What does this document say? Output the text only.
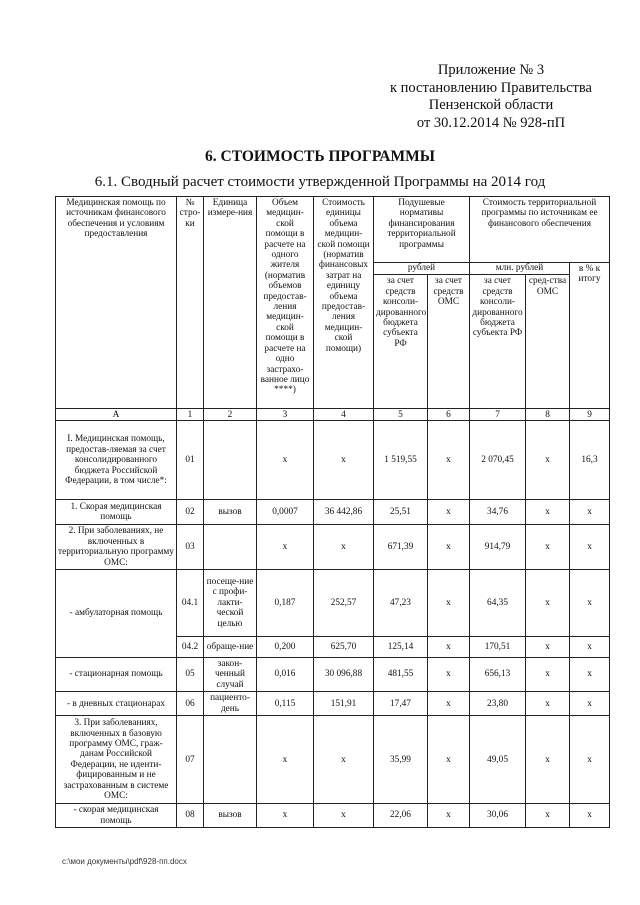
Приложение № 3
к постановлению Правительства
Пензенской области
от 30.12.2014 № 928-пП
6. СТОИМОСТЬ ПРОГРАММЫ
6.1. Сводный расчет стоимости утвержденной Программы на 2014 год
Медицинская помощь по источникам финансового обеспечения и условиям предоставления	№ стро-ки	Единица измере-ния	Объем медицин-ской помощи в расчете на одного жителя (норматив объемов предостав-ления медицин-ской помощи в расчете на одно застрахо-ванное лицо ****)	Стоимость единицы объема медицин-ской помощи (норматив финансовых затрат на единицу объема предостав-ления медицин-ской помощи)	Подушевые нормативы финансирования территориальной программы		Стоимость территориальной программы по источникам ее финансового обеспечения		
					рублей		млн. рублей		в % к итогу
					за счет средств консоли-дированного бюджета субъекта РФ	за счет средств ОМС	за счет средств консоли-дированного бюджета субъекта РФ	сред-ства ОМС	
А	1	2	3	4	5	6	7	8	9
I. Медицинская помощь, предостав-ляемая за счет консолидированного бюджета Российской Федерации, в том числе*:	01		х	х	1 519,55	х	2 070,45	х	16,3
1. Скорая медицинская помощь	02	вызов	0,0007	36 442,86	25,51	х	34,76	х	х
2. При заболеваниях, не включенных в территориальную программу ОМС:	03		х	х	671,39	х	914,79	х	х
- амбулаторная помощь	04.1	посеще-ние с профи-лакти-ческой целью	0,187	252,57	47,23	х	64,35	х	х
	04.2	обраще-ние	0,200	625,70	125,14	х	170,51	х	х
- стационарная помощь	05	закон-ченный случай	0,016	30 096,88	481,55	х	656,13	х	х
- в дневных стационарах	06	пациенто-день	0,115	151,91	17,47	х	23,80	х	х
3. При заболеваниях, включенных в базовую программу ОМС, граж-данам Российской Федерации, не иденти-фицированным и не застрахованным в системе ОМС:	07		х	х	35,99	х	49,05	х	х
- скорая медицинская помощь	08	вызов	х	х	22,06	х	30,06	х	х
c:\мои документы\pdf\928-пп.docx
